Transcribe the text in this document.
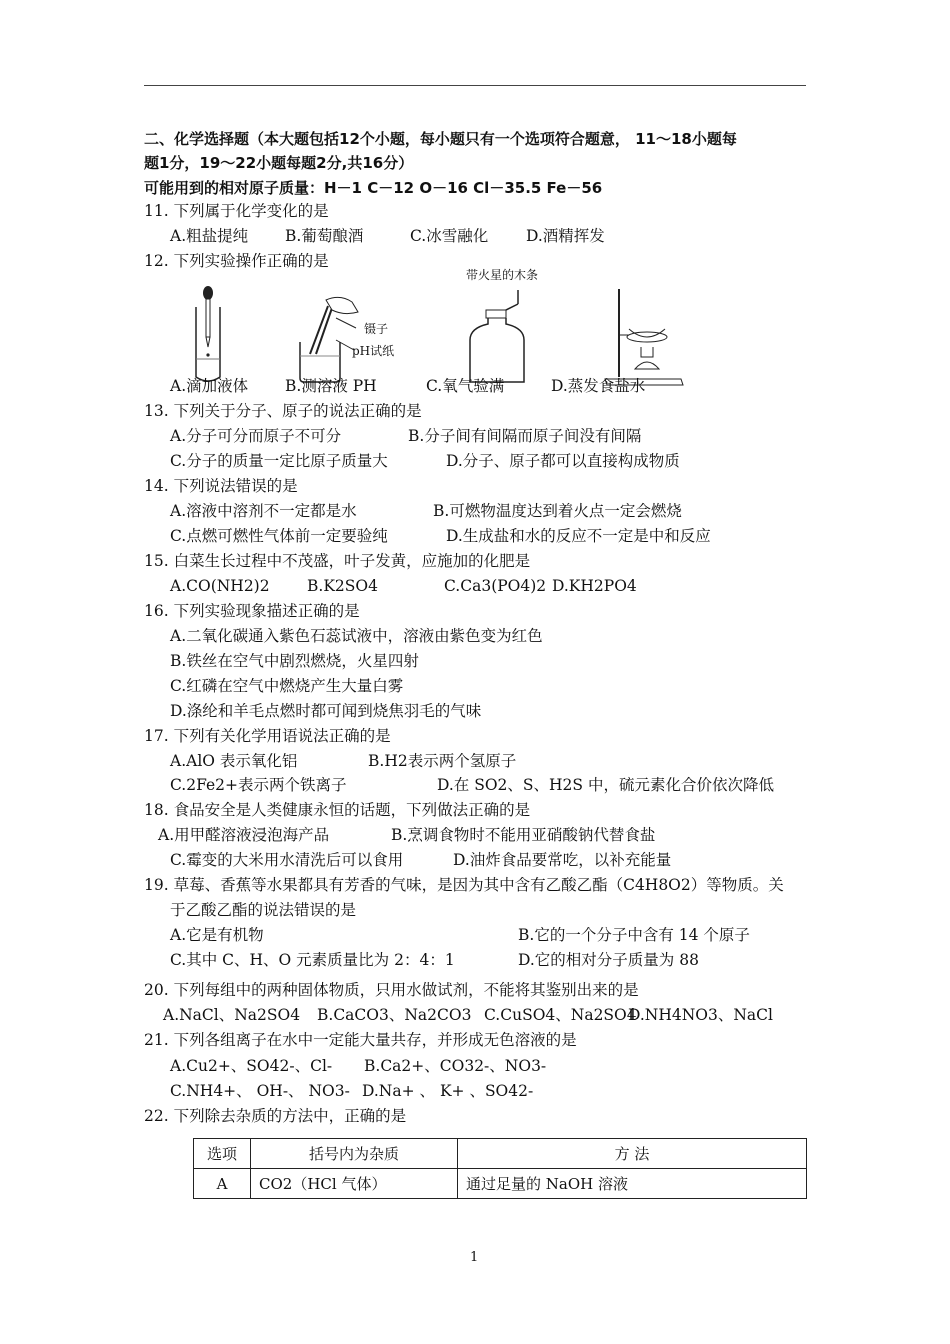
二、化学选择题（本大题包括12个小题，每小题只有一个选项符合题意， 11～18小题每
题1分，19～22小题每题2分,共16分）
可能用到的相对原子质量：H－1 C－12 O－16 Cl－35.5 Fe－56
11. 下列属于化学变化的是
A.粗盐提纯 B.葡萄酿酒	C.冰雪融化 D.酒精挥发
12. 下列实验操作正确的是
镊子
pH试纸
带火星的木条
A.滴加液体 B.测溶液 PH	C.氧气验满	D.蒸发食盐水
13. 下列关于分子、原子的说法正确的是
A.分子可分而原子不可分	B.分子间有间隔而原子间没有间隔
C.分子的质量一定比原子质量大	D.分子、原子都可以直接构成物质
14. 下列说法错误的是
A.溶液中溶剂不一定都是水	B.可燃物温度达到着火点一定会燃烧
C.点燃可燃性气体前一定要验纯	D.生成盐和水的反应不一定是中和反应
15. 白菜生长过程中不茂盛，叶子发黄，应施加的化肥是
A.CO(NH2)2 B.K2SO4	C.Ca3(PO4)2 D.KH2PO4
16. 下列实验现象描述正确的是
A.二氧化碳通入紫色石蕊试液中，溶液由紫色变为红色
B.铁丝在空气中剧烈燃烧，火星四射
C.红磷在空气中燃烧产生大量白雾
D.涤纶和羊毛点燃时都可闻到烧焦羽毛的气味
17. 下列有关化学用语说法正确的是
A.AlO 表示氧化铝	B.H2表示两个氢原子
C.2Fe2+表示两个铁离子	D.在 SO2、S、H2S 中，硫元素化合价依次降低
18. 食品安全是人类健康永恒的话题，下列做法正确的是
A.用甲醛溶液浸泡海产品	B.烹调食物时不能用亚硝酸钠代替食盐
C.霉变的大米用水清洗后可以食用	D.油炸食品要常吃，以补充能量
19. 草莓、香蕉等水果都具有芳香的气味，是因为其中含有乙酸乙酯（C4H8O2）等物质。关
于乙酸乙酯的说法错误的是
A.它是有机物	B.它的一个分子中含有 14 个原子
C.其中 C、H、O 元素质量比为 2：4：1	D.它的相对分子质量为 88
20. 下列每组中的两种固体物质，只用水做试剂，不能将其鉴别出来的是
A.NaCl、Na2SO4 B.CaCO3、Na2CO3 C.CuSO4、Na2SO4
D.NH4NO3、NaCl
21. 下列各组离子在水中一定能大量共存，并形成无色溶液的是
A.Cu2+、SO42-、Cl- B.Ca2+、CO32-、NO3-
C.NH4+、 OH-、 NO3- D.Na+ 、 K+ 、SO42-
22. 下列除去杂质的方法中，正确的是
选项	括号内为杂质	方 法
A	CO2（HCl 气体）	通过足量的 NaOH 溶液
1
